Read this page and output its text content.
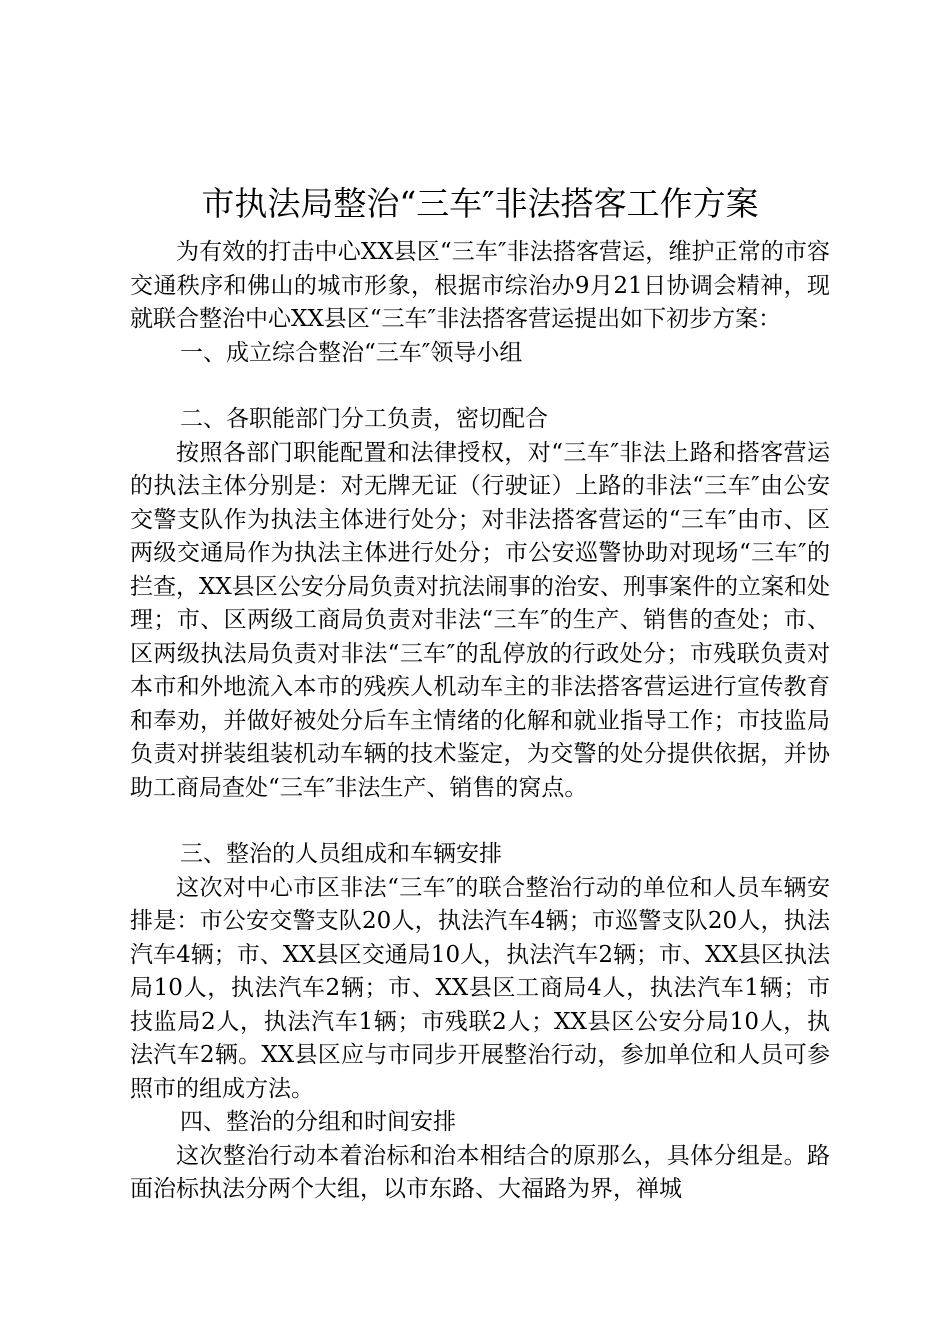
市执法局整治“三车″非法搭客工作方案

为有效的打击中心XX县区“三车″非法搭客营运，维护正常的市容交通秩序和佛山的城市形象，根据市综治办9月21日协调会精神，现就联合整治中心XX县区“三车″非法搭客营运提出如下初步方案：

一、成立综合整治“三车″领导小组

二、各职能部门分工负责，密切配合

按照各部门职能配置和法律授权，对“三车″非法上路和搭客营运的执法主体分别是：对无牌无证（行驶证）上路的非法“三车″由公安交警支队作为执法主体进行处分；对非法搭客营运的“三车″由市、区两级交通局作为执法主体进行处分；市公安巡警协助对现场“三车″的拦查，XX县区公安分局负责对抗法闹事的治安、刑事案件的立案和处理；市、区两级工商局负责对非法“三车″的生产、销售的查处；市、区两级执法局负责对非法“三车″的乱停放的行政处分；市残联负责对本市和外地流入本市的残疾人机动车主的非法搭客营运进行宣传教育和奉劝，并做好被处分后车主情绪的化解和就业指导工作；市技监局负责对拼装组装机动车辆的技术鉴定，为交警的处分提供依据，并协助工商局查处“三车″非法生产、销售的窝点。

三、整治的人员组成和车辆安排

这次对中心市区非法“三车″的联合整治行动的单位和人员车辆安排是：市公安交警支队20人，执法汽车4辆；市巡警支队20人，执法汽车4辆；市、XX县区交通局10人，执法汽车2辆；市、XX县区执法局10人，执法汽车2辆；市、XX县区工商局4人，执法汽车1辆；市技监局2人，执法汽车1辆；市残联2人；XX县区公安分局10人，执法汽车2辆。XX县区应与市同步开展整治行动，参加单位和人员可参照市的组成方法。

四、整治的分组和时间安排

这次整治行动本着治标和治本相结合的原那么，具体分组是。路面治标执法分两个大组，以市东路、大福路为界，禅城
